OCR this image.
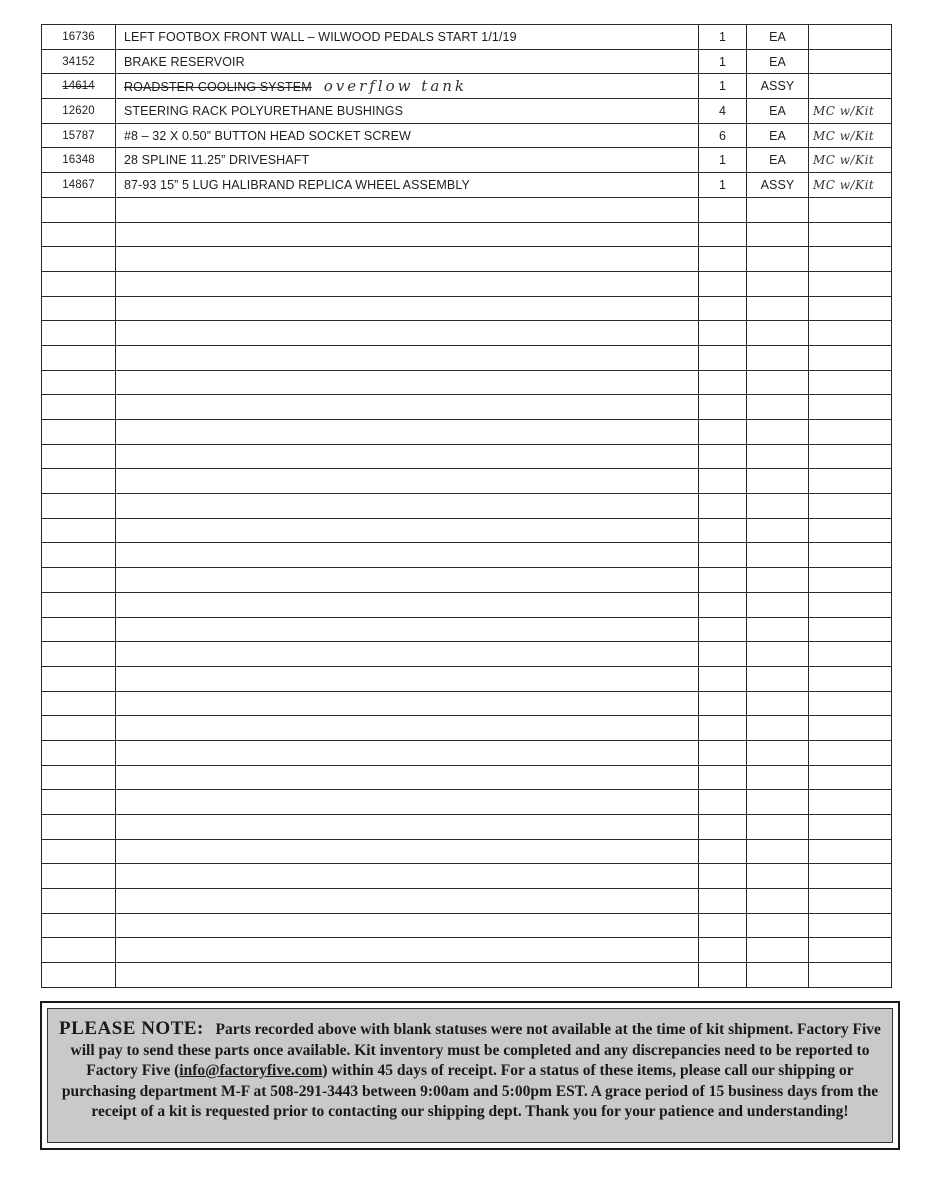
16736	LEFT FOOTBOX FRONT WALL – WILWOOD PEDALS START 1/1/19	1	EA	
34152	BRAKE RESERVOIR	1	EA	
14614	ROADSTER COOLING SYSTEM overflow tank	1	ASSY	
12620	STEERING RACK POLYURETHANE BUSHINGS	4	EA	MC w/Kit
15787	#8 – 32 X 0.50” BUTTON HEAD SOCKET SCREW	6	EA	MC w/Kit
16348	28 SPLINE 11.25” DRIVESHAFT	1	EA	MC w/Kit
14867	87-93 15” 5 LUG HALIBRAND REPLICA WHEEL ASSEMBLY	1	ASSY	MC w/Kit

PLEASE NOTE: Parts recorded above with blank statuses were not available at the time of kit shipment. Factory Five will pay to send these parts once available. Kit inventory must be completed and any discrepancies need to be reported to Factory Five (info@factoryfive.com) within 45 days of receipt. For a status of these items, please call our shipping or purchasing department M-F at 508-291-3443 between 9:00am and 5:00pm EST. A grace period of 15 business days from the receipt of a kit is requested prior to contacting our shipping dept. Thank you for your patience and understanding!
